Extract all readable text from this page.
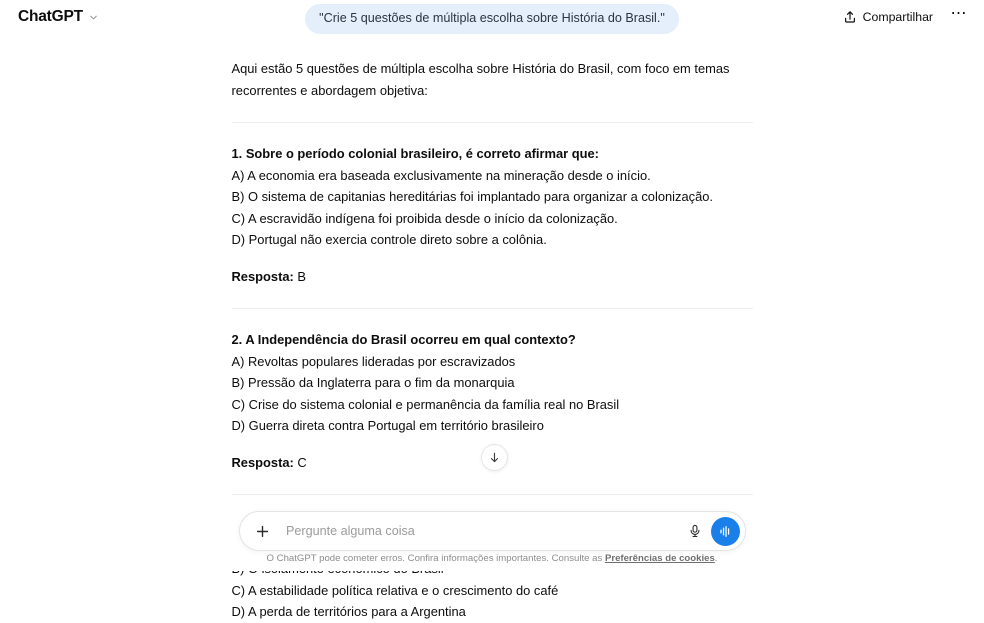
ChatGPT	"Crie 5 questões de múltipla escolha sobre História do Brasil."	Compartilhar ⋯

Aqui estão 5 questões de múltipla escolha sobre História do Brasil, com foco em temas recorrentes e abordagem objetiva:

1. Sobre o período colonial brasileiro, é correto afirmar que:

A) A economia era baseada exclusivamente na mineração desde o início.

B) O sistema de capitanias hereditárias foi implantado para organizar a colonização.

C) A escravidão indígena foi proibida desde o início da colonização.

D) Portugal não exercia controle direto sobre a colônia.

Resposta: B

2. A Independência do Brasil ocorreu em qual contexto?

A) Revoltas populares lideradas por escravizados

B) Pressão da Inglaterra para o fim da monarquia

C) Crise do sistema colonial e permanência da família real no Brasil

D) Guerra direta contra Portugal em território brasileiro

Resposta: C

C) A estabilidade política relativa e o crescimento do café

D) A perda de territórios para a Argentina

Pergunte alguma coisa
O ChatGPT pode cometer erros. Confira informações importantes. Consulte as Preferências de cookies.
